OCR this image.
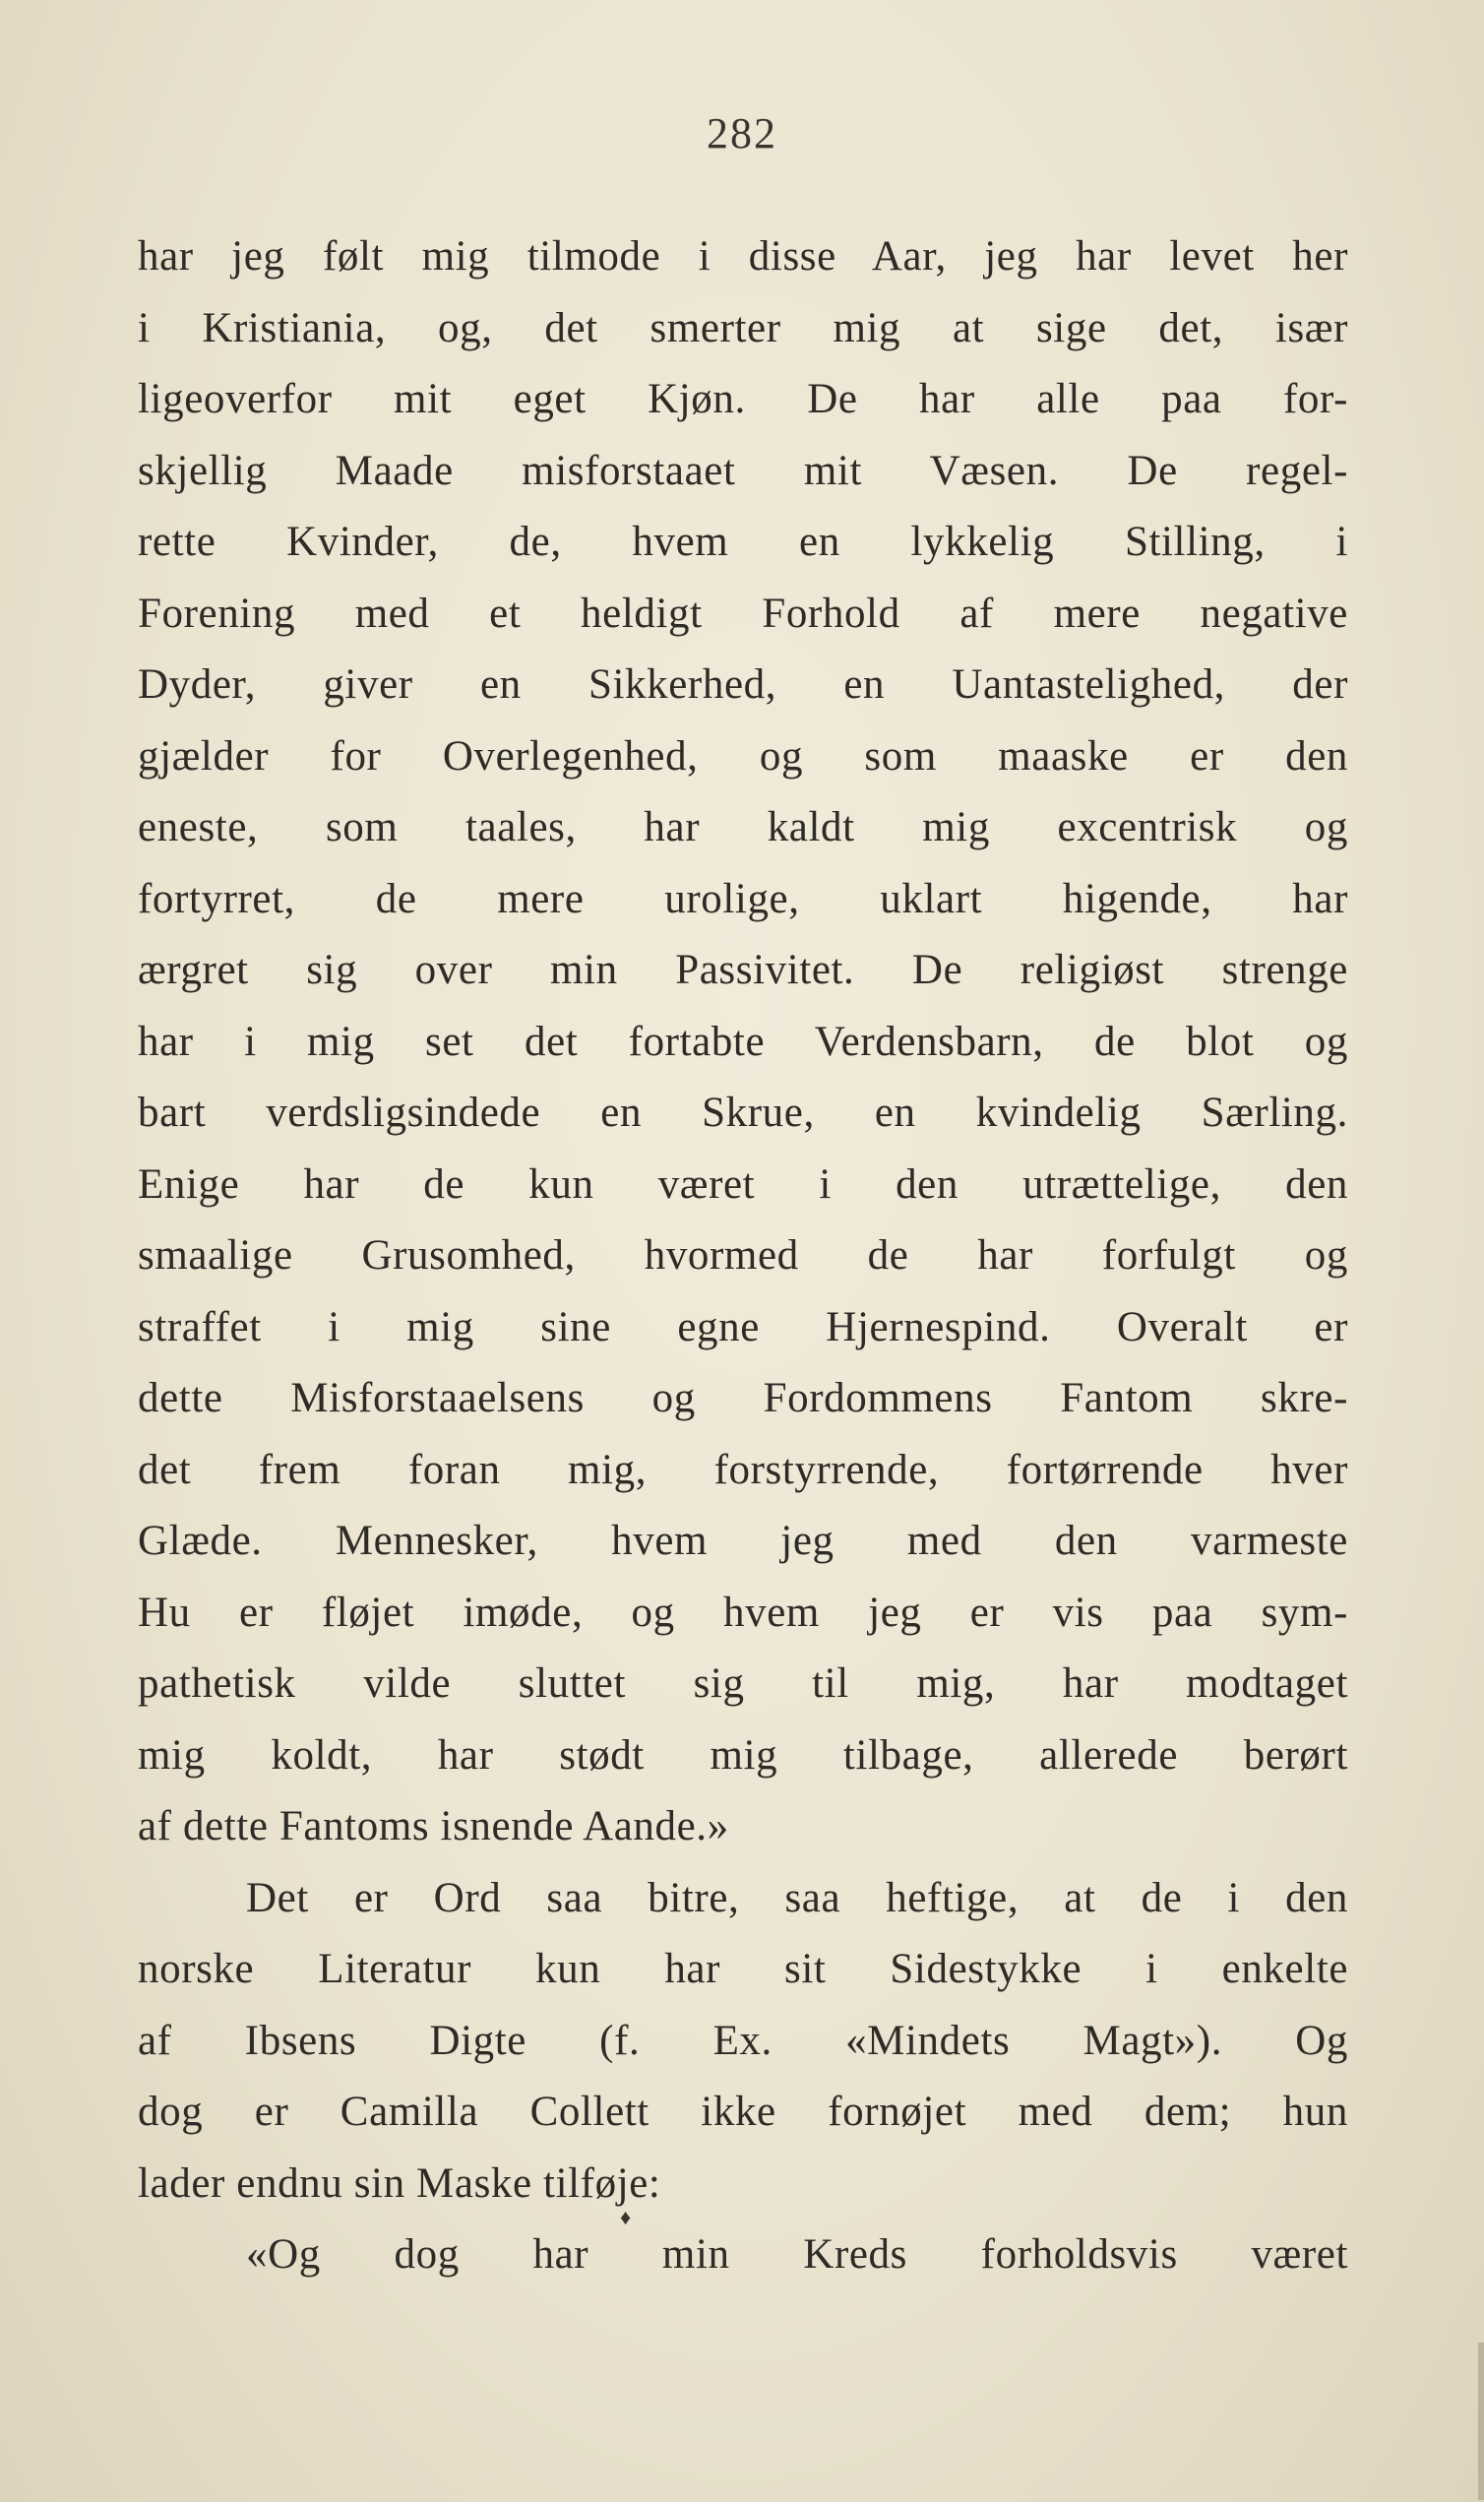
282
har jeg følt mig tilmode i disse Aar, jeg har levet her
i Kristiania, og, det smerter mig at sige det, især
ligeoverfor mit eget Kjøn. De har alle paa for-
skjellig Maade misforstaaet mit Væsen. De regel-
rette Kvinder, de, hvem en lykkelig Stilling, i
Forening med et heldigt Forhold af mere negative
Dyder, giver en Sikkerhed, en Uantastelighed, der
gjælder for Overlegenhed, og som maaske er den
eneste, som taales, har kaldt mig excentrisk og
fortyrret, de mere urolige, uklart higende, har
ærgret sig over min Passivitet. De religiøst strenge
har i mig set det fortabte Verdensbarn, de blot og
bart verdsligsindede en Skrue, en kvindelig Særling.
Enige har de kun været i den utrættelige, den
smaalige Grusomhed, hvormed de har forfulgt og
straffet i mig sine egne Hjernespind. Overalt er
dette Misforstaaelsens og Fordommens Fantom skre-
det frem foran mig, forstyrrende, fortørrende hver
Glæde. Mennesker, hvem jeg med den varmeste
Hu er fløjet imøde, og hvem jeg er vis paa sym-
pathetisk vilde sluttet sig til mig, har modtaget
mig koldt, har stødt mig tilbage, allerede berørt
af dette Fantoms isnende Aande.»
Det er Ord saa bitre, saa heftige, at de i den
norske Literatur kun har sit Sidestykke i enkelte
af Ibsens Digte (f. Ex. «Mindets Magt»). Og
dog er Camilla Collett ikke fornøjet med dem; hun
lader endnu sin Maske tilføje:
«Og dog har min Kreds forholdsvis været
♦
